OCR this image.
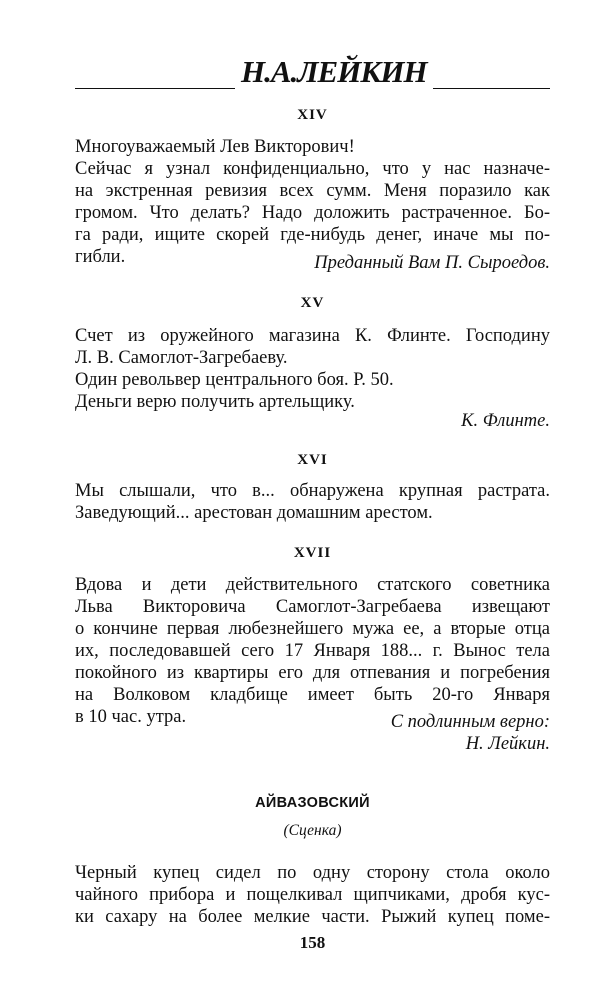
Н.А.ЛЕЙКИН
XIV
Многоуважаемый Лев Викторович!
Сейчас я узнал конфиденциально, что у нас назначе-
на экстренная ревизия всех сумм. Меня поразило как
громом. Что делать? Надо доложить растраченное. Бо-
га ради, ищите скорей где-нибудь денег, иначе мы по-
гибли.	Преданный Вам П. Сыроедов.
XV
Счет из оружейного магазина К. Флинте. Господину
Л. В. Самоглот-Загребаеву.
Один револьвер центрального боя. Р. 50.
Деньги верю получить артельщику.
К. Флинте.
XVI
Мы слышали, что в... обнаружена крупная растрата.
Заведующий... арестован домашним арестом.
XVII
Вдова и дети действительного статского советника
Льва Викторовича Самоглот-Загребаева извещают
о кончине первая любезнейшего мужа ее, а вторые отца
их, последовавшей сего 17 Января 188... г. Вынос тела
покойного из квартиры его для отпевания и погребения
на Волковом кладбище имеет быть 20-го Января
в 10 час. утра.	С подлинным верно:
Н. Лейкин.
АЙВАЗОВСКИЙ
(Сценка)
Черный купец сидел по одну сторону стола около
чайного прибора и пощелкивал щипчиками, дробя кус-
ки сахару на более мелкие части. Рыжий купец поме-
158
